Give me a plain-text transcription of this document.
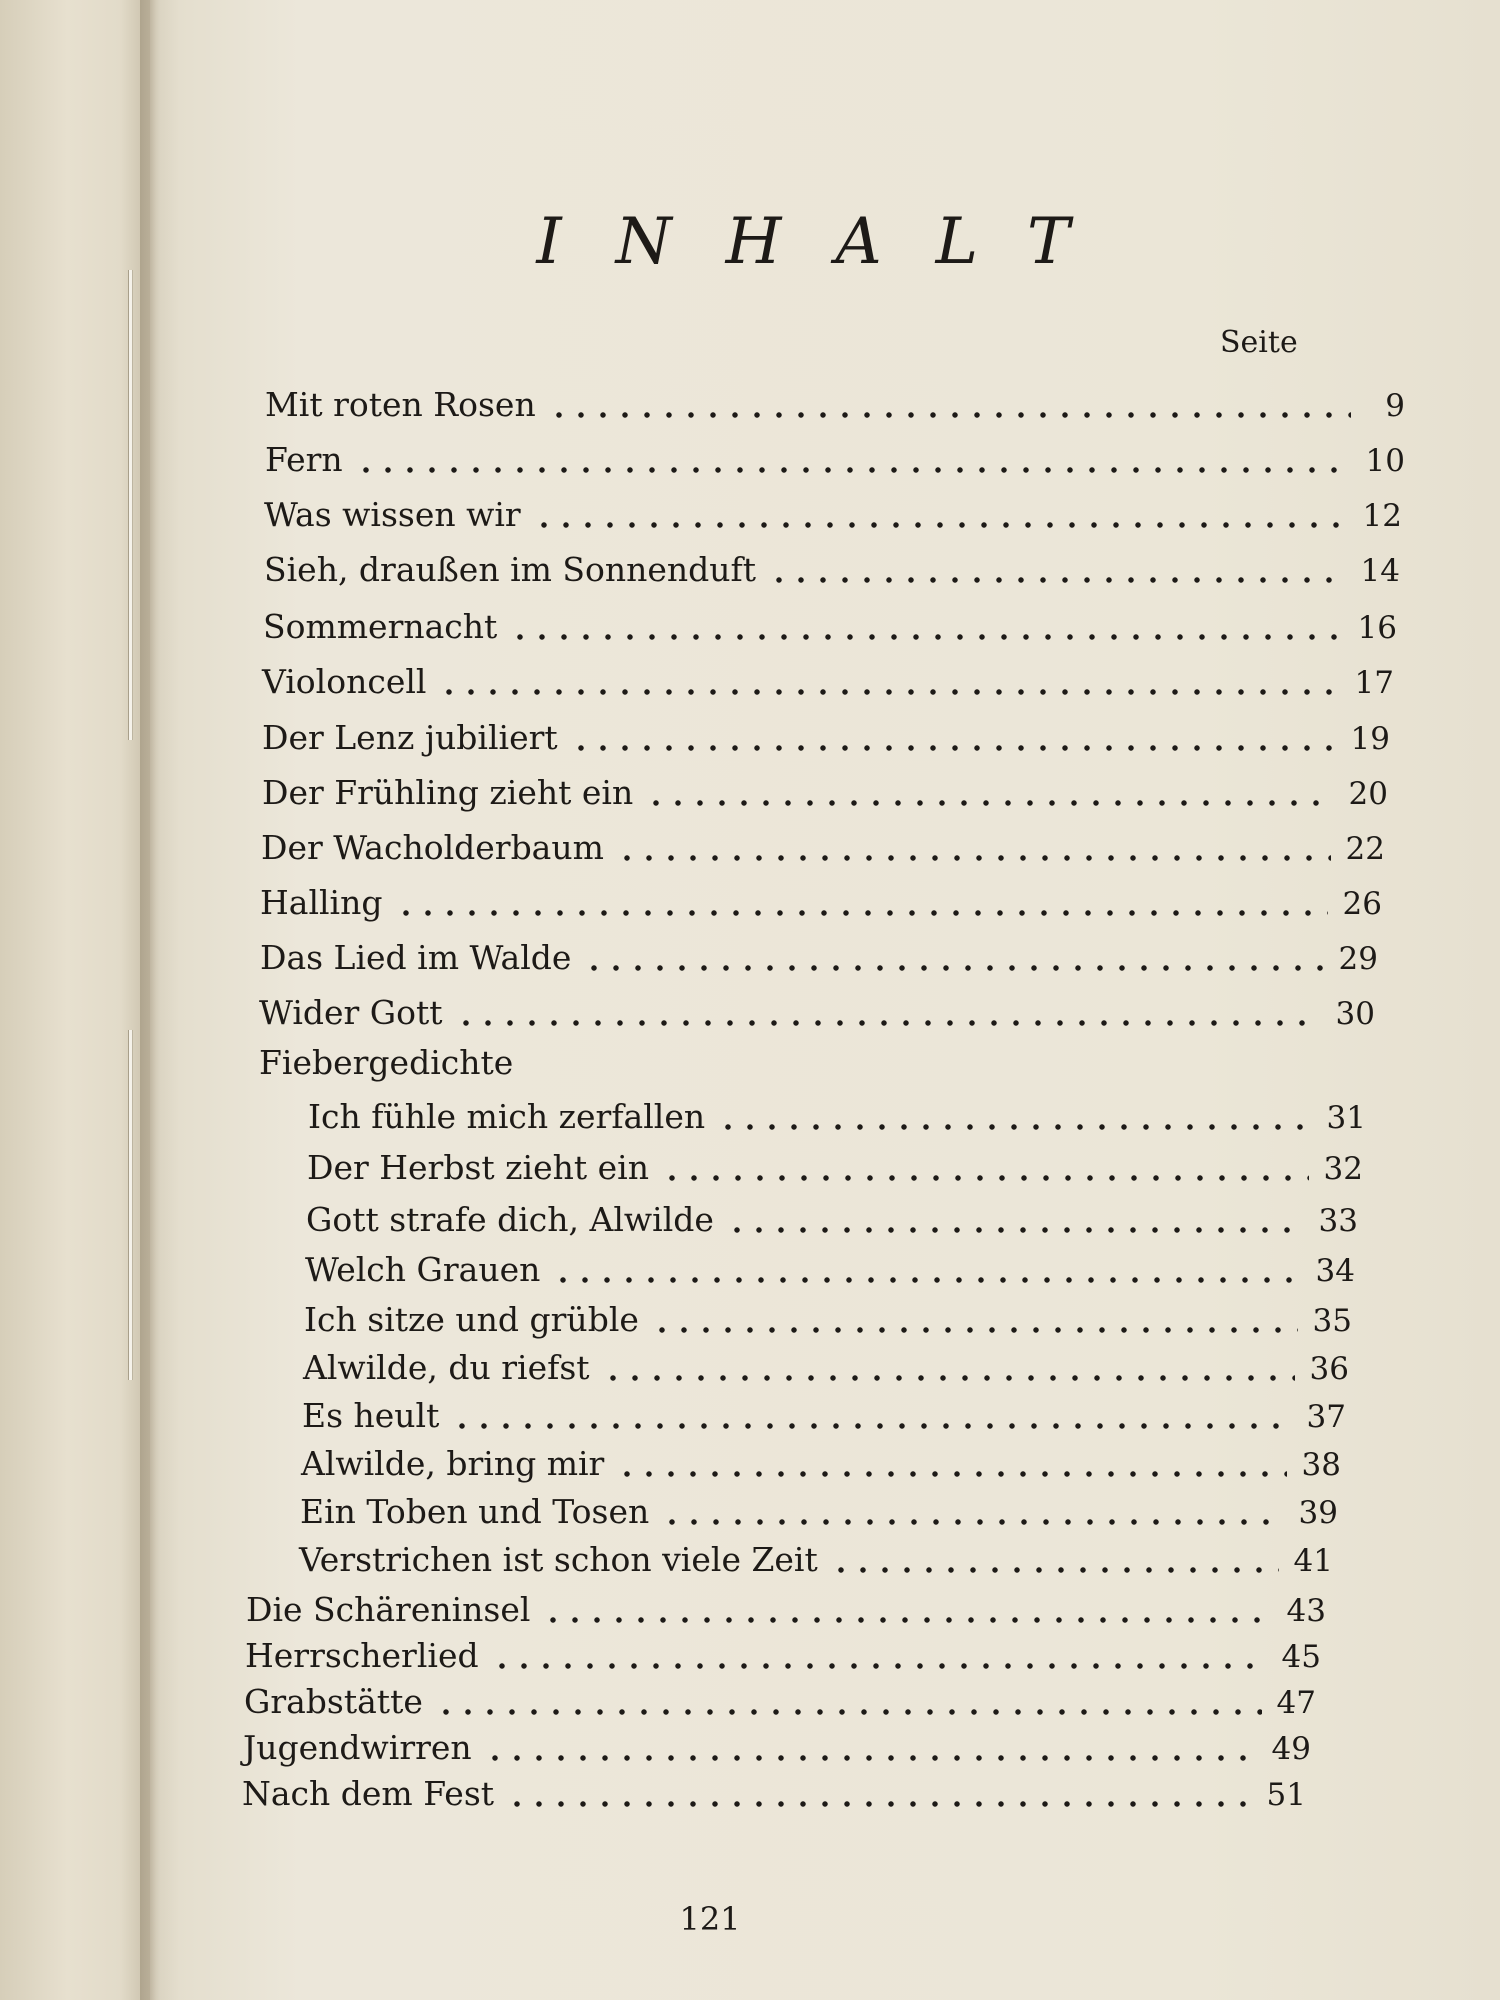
INHALT
Seite
Mit roten Rosen	9
Fern	10
Was wissen wir	12
Sieh, draußen im Sonnenduft	14
Sommernacht	16
Violoncell	17
Der Lenz jubiliert	19
Der Frühling zieht ein	20
Der Wacholderbaum	22
Halling	26
Das Lied im Walde	29
Wider Gott	30
Fiebergedichte
Ich fühle mich zerfallen	31
Der Herbst zieht ein	32
Gott strafe dich, Alwilde	33
Welch Grauen	34
Ich sitze und grüble	35
Alwilde, du riefst	36
Es heult	37
Alwilde, bring mir	38
Ein Toben und Tosen	39
Verstrichen ist schon viele Zeit	41
Die Schäreninsel	43
Herrscherlied	45
Grabstätte	47
Jugendwirren	49
Nach dem Fest	51
121
